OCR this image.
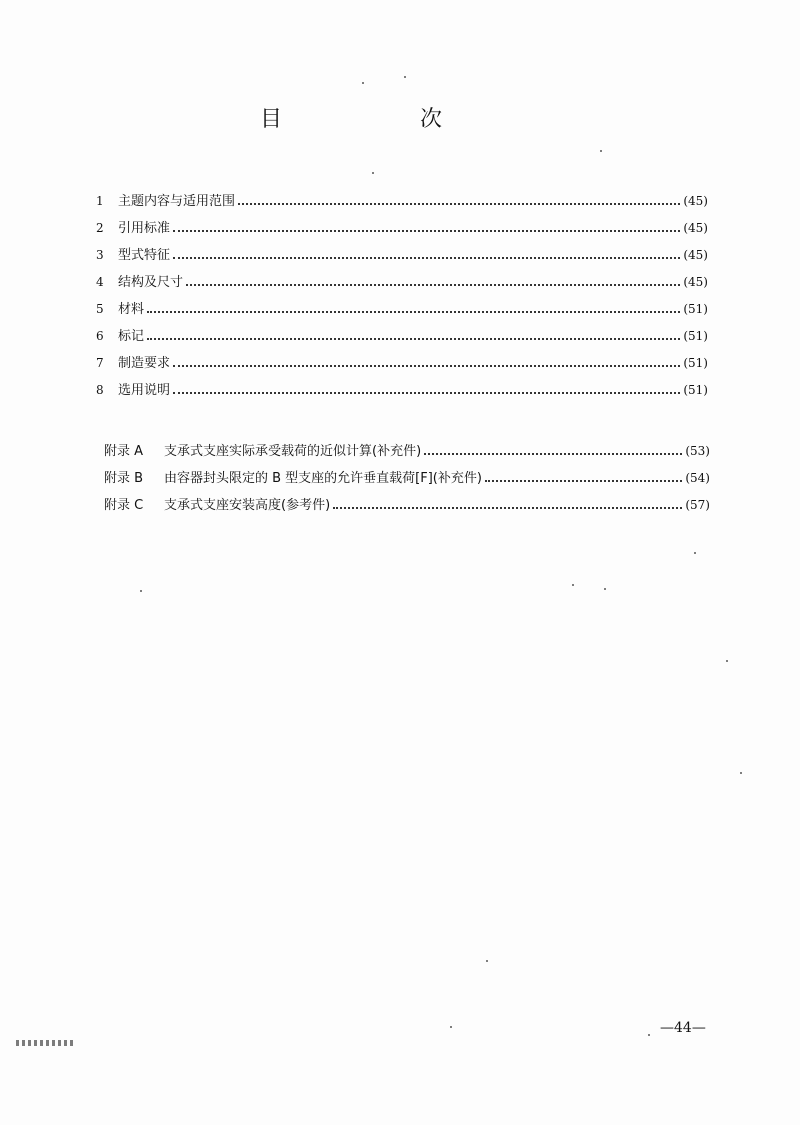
目　次
1	主题内容与适用范围	(45)
2	引用标准	(45)
3	型式特征	(45)
4	结构及尺寸	(45)
5	材料	(51)
6	标记	(51)
7	制造要求	(51)
8	选用说明	(51)
附录 A	支承式支座实际承受载荷的近似计算(补充件)	(53)
附录 B	由容器封头限定的 B 型支座的允许垂直载荷[F](补充件)	(54)
附录 C	支承式支座安装高度(参考件)	(57)
—44—
